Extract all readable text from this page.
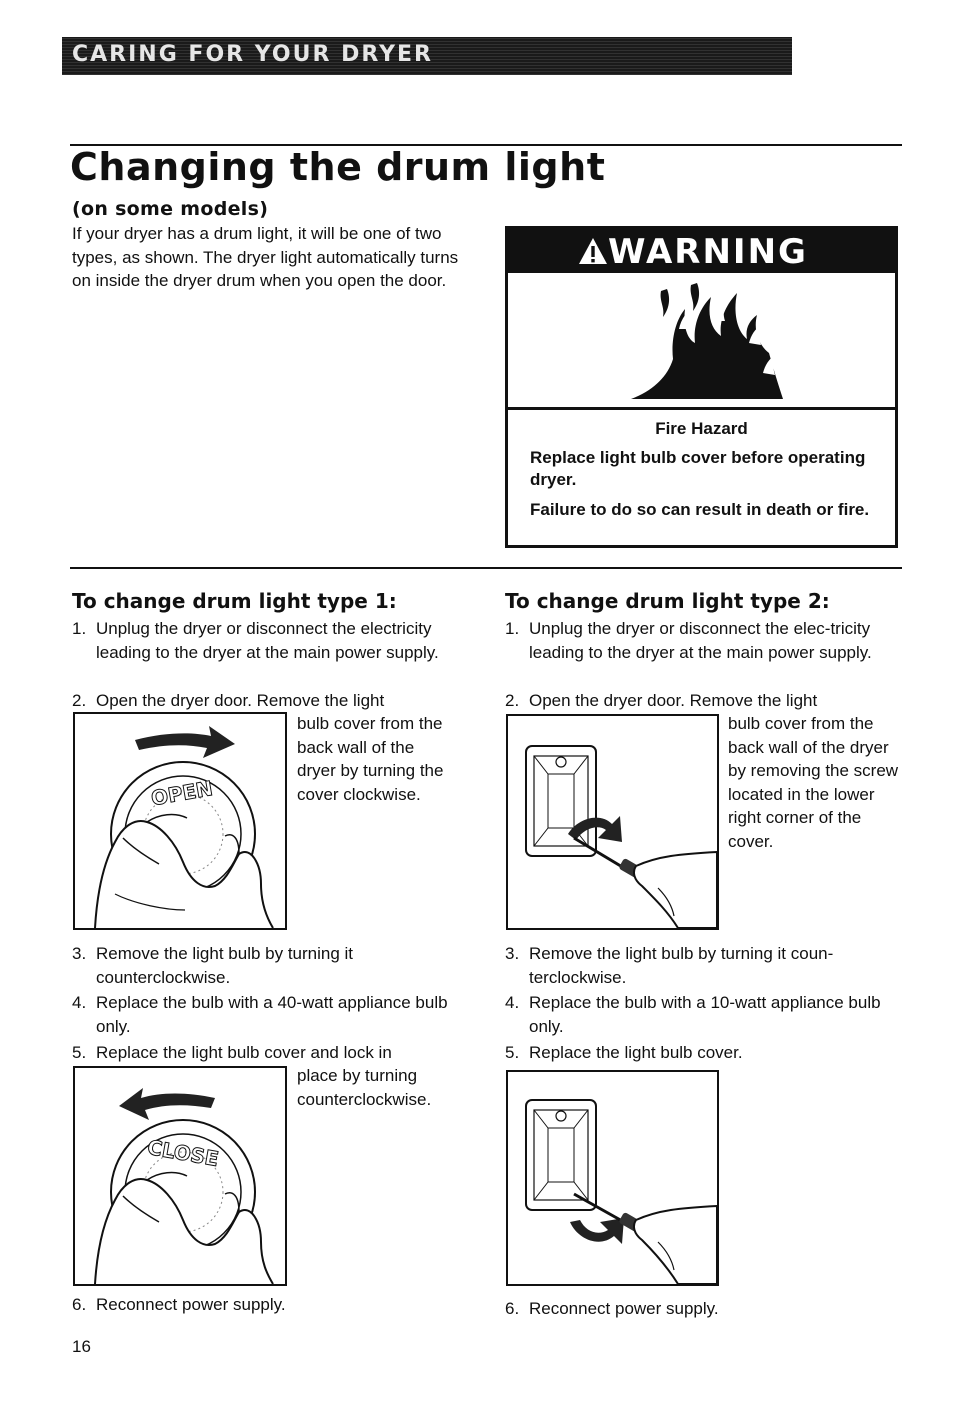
CARING FOR YOUR DRYER
Changing the drum light
(on some models)

If your dryer has a drum light, it will be one of two types, as shown. The dryer light automatically turns on inside the dryer drum when you open the door.

WARNING

Fire Hazard

Replace light bulb cover before operating dryer.

Failure to do so can result in death or fire.

To change drum light type 1:
1. Unplug the dryer or disconnect the electricity leading to the dryer at the main power supply.
2. Open the dryer door. Remove the light

bulb cover from the back wall of the dryer by turning the cover clockwise.

OPEN
3. Remove the light bulb by turning it counterclockwise.
4. Replace the bulb with a 40-watt appliance bulb only.
5. Replace the light bulb cover and lock in

place by turning counterclockwise.

CLOSE
6. Reconnect power supply.
To change drum light type 2:
1. Unplug the dryer or disconnect the elec-tricity leading to the dryer at the main power supply.
2. Open the dryer door. Remove the light

bulb cover from the back wall of the dryer by removing the screw located in the lower right corner of the cover.

3. Remove the light bulb by turning it coun-terclockwise.
4. Replace the bulb with a 10-watt appliance bulb only.
5. Replace the light bulb cover.
6. Reconnect power supply.
16
